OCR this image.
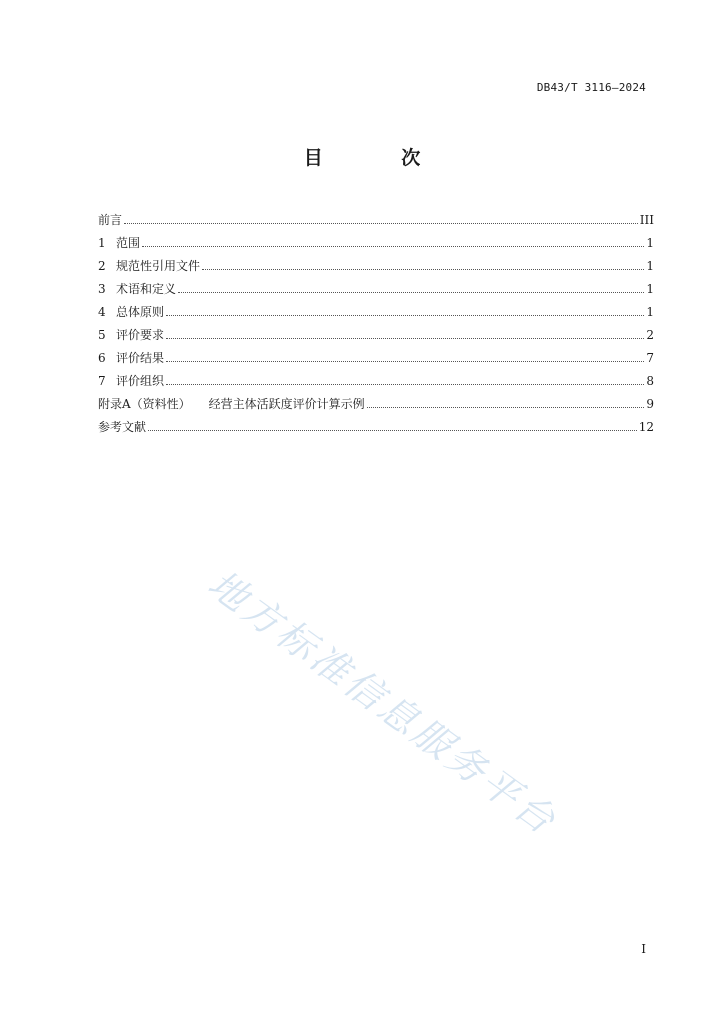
DB43/T 3116—2024
目 次
前言	III
1 范围	1
2 规范性引用文件	1
3 术语和定义	1
4 总体原则	1
5 评价要求	2
6 评价结果	7
7 评价组织	8
附录A（资料性） 经营主体活跃度评价计算示例	9
参考文献	12
地方标准信息服务平台
I
